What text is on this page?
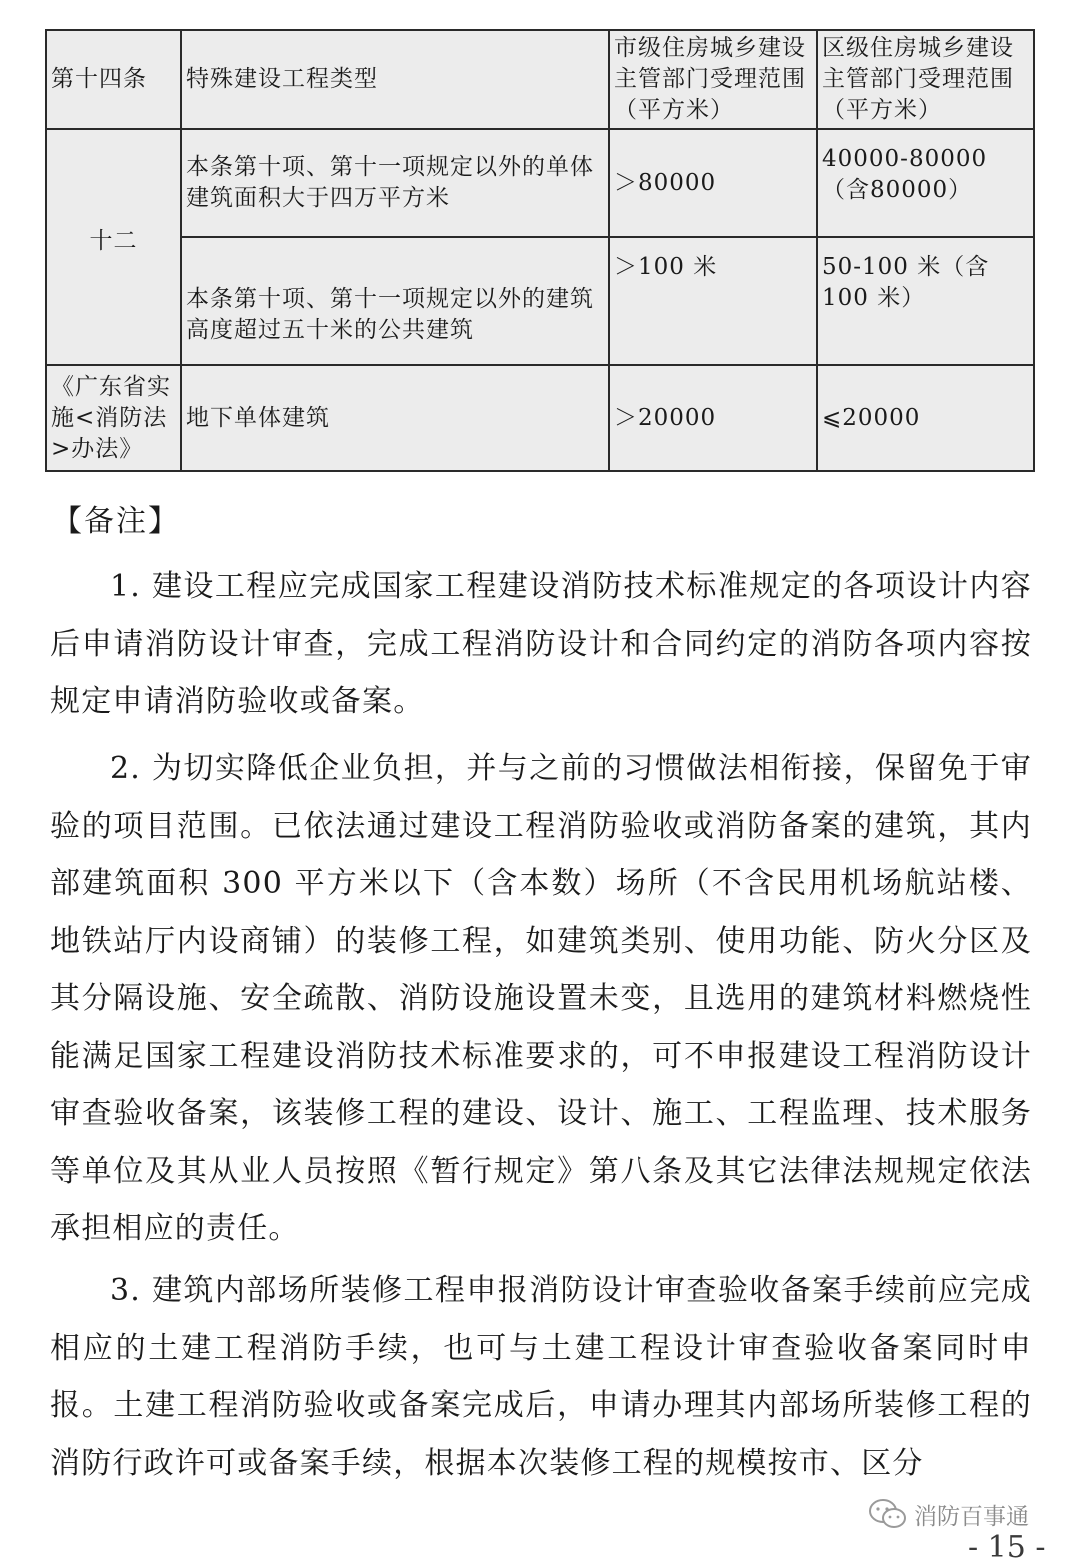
第十四条	特殊建设工程类型	市级住房城乡建设主管部门受理范围（平方米）	区级住房城乡建设主管部门受理范围（平方米）
十二	本条第十项、第十一项规定以外的单体建筑面积大于四万平方米	＞80000	40000-80000（含80000）
	本条第十项、第十一项规定以外的建筑高度超过五十米的公共建筑	＞100 米	50-100 米（含 100 米）
《广东省实施<消防法>办法》	地下单体建筑	＞20000	⩽20000
【备注】

1. 建设工程应完成国家工程建设消防技术标准规定的各项设计内容后申请消防设计审查，完成工程消防设计和合同约定的消防各项内容按规定申请消防验收或备案。

2. 为切实降低企业负担，并与之前的习惯做法相衔接，保留免于审验的项目范围。已依法通过建设工程消防验收或消防备案的建筑，其内部建筑面积 300 平方米以下（含本数）场所（不含民用机场航站楼、地铁站厅内设商铺）的装修工程，如建筑类别、使用功能、防火分区及其分隔设施、安全疏散、消防设施设置未变，且选用的建筑材料燃烧性能满足国家工程建设消防技术标准要求的，可不申报建设工程消防设计审查验收备案，该装修工程的建设、设计、施工、工程监理、技术服务等单位及其从业人员按照《暂行规定》第八条及其它法律法规规定依法承担相应的责任。

3. 建筑内部场所装修工程申报消防设计审查验收备案手续前应完成相应的土建工程消防手续，也可与土建工程设计审查验收备案同时申报。土建工程消防验收或备案完成后，申请办理其内部场所装修工程的消防行政许可或备案手续，根据本次装修工程的规模按市、区分

消防百事通
- 15 -
